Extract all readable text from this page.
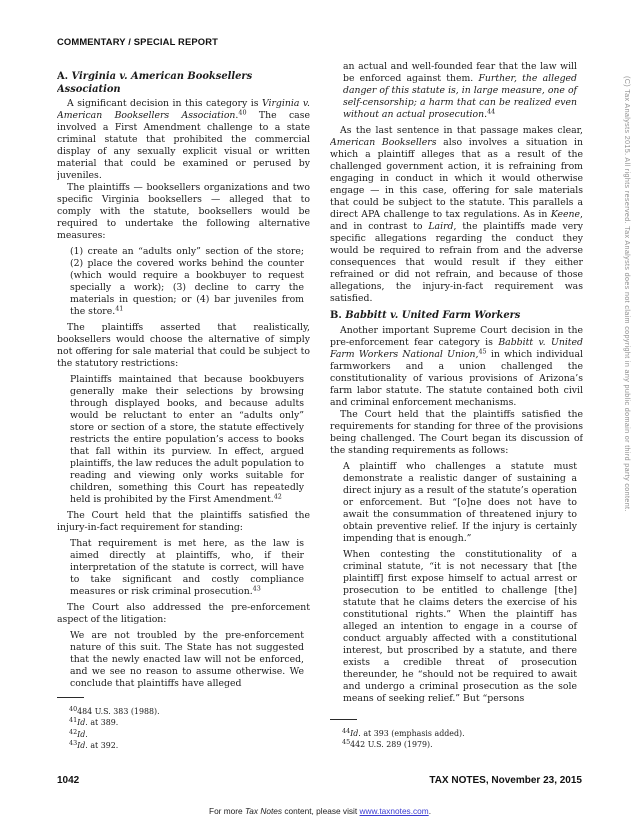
COMMENTARY / SPECIAL REPORT
A. Virginia v. American Booksellers Association
A significant decision in this category is Virginia v. American Booksellers Association.$^{40}$ The case involved a First Amendment challenge to a state criminal statute that prohibited the commercial display of any sexually explicit visual or written material that could be examined or perused by juveniles.
The plaintiffs — booksellers organizations and two specific Virginia booksellers — alleged that to comply with the statute, booksellers would be required to undertake the following alternative measures:
(1) create an “adults only” section of the store; (2) place the covered works behind the counter (which would require a bookbuyer to request specially a work); (3) decline to carry the materials in question; or (4) bar juveniles from the store.$^{41}$
The plaintiffs asserted that realistically, booksellers would choose the alternative of simply not offering for sale material that could be subject to the statutory restrictions:
Plaintiffs maintained that because bookbuyers generally make their selections by browsing through displayed books, and because adults would be reluctant to enter an “adults only” store or section of a store, the statute effectively restricts the entire population’s access to books that fall within its purview. In effect, argued plaintiffs, the law reduces the adult population to reading and viewing only works suitable for children, something this Court has repeatedly held is prohibited by the First Amendment.$^{42}$
The Court held that the plaintiffs satisfied the injury-in-fact requirement for standing:
That requirement is met here, as the law is aimed directly at plaintiffs, who, if their interpretation of the statute is correct, will have to take significant and costly compliance measures or risk criminal prosecution.$^{43}$
The Court also addressed the pre-enforcement aspect of the litigation:
We are not troubled by the pre-enforcement nature of this suit. The State has not suggested that the newly enacted law will not be enforced, and we see no reason to assume otherwise. We conclude that plaintiffs have alleged
an actual and well-founded fear that the law will be enforced against them. Further, the alleged danger of this statute is, in large measure, one of self-censorship; a harm that can be realized even without an actual prosecution.$^{44}$
As the last sentence in that passage makes clear, American Booksellers also involves a situation in which a plaintiff alleges that as a result of the challenged government action, it is refraining from engaging in conduct in which it would otherwise engage — in this case, offering for sale materials that could be subject to the statute. This parallels a direct APA challenge to tax regulations. As in Keene, and in contrast to Laird, the plaintiffs made very specific allegations regarding the conduct they would be required to refrain from and the adverse consequences that would result if they either refrained or did not refrain, and because of those allegations, the injury-in-fact requirement was satisfied.
B. Babbitt v. United Farm Workers
Another important Supreme Court decision in the pre-enforcement fear category is Babbitt v. United Farm Workers National Union,$^{45}$ in which individual farmworkers and a union challenged the constitutionality of various provisions of Arizona’s farm labor statute. The statute contained both civil and criminal enforcement mechanisms.
The Court held that the plaintiffs satisfied the requirements for standing for three of the provisions being challenged. The Court began its discussion of the standing requirements as follows:
A plaintiff who challenges a statute must demonstrate a realistic danger of sustaining a direct injury as a result of the statute’s operation or enforcement. But “[o]ne does not have to await the consummation of threatened injury to obtain preventive relief. If the injury is certainly impending that is enough.”
When contesting the constitutionality of a criminal statute, “it is not necessary that [the plaintiff] first expose himself to actual arrest or prosecution to be entitled to challenge [the] statute that he claims deters the exercise of his constitutional rights.” When the plaintiff has alleged an intention to engage in a course of conduct arguably affected with a constitutional interest, but proscribed by a statute, and there exists a credible threat of prosecution thereunder, he “should not be required to await and undergo a criminal prosecution as the sole means of seeking relief.” But “persons
$^{40}$484 U.S. 383 (1988).
$^{41}$Id. at 389.
$^{42}$Id.
$^{43}$Id. at 392.
$^{44}$Id. at 393 (emphasis added).
$^{45}$442 U.S. 289 (1979).
1042	TAX NOTES, November 23, 2015
For more Tax Notes content, please visit www.taxnotes.com.
(C) Tax Analysts 2015. All rights reserved. Tax Analysts does not claim copyright in any public domain or third party content.
